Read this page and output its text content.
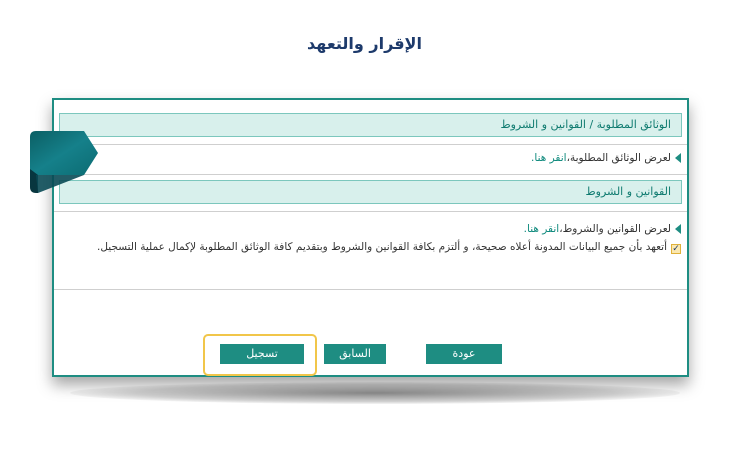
الإقرار والتعهد
الوثائق المطلوبة / القوانين و الشروط
لعرض الوثائق المطلوبة،انقر هنا.
القوانين و الشروط
لعرض القوانين والشروط،انقر هنا.
✓أتعهد بأن جميع البيانات المدونة أعلاه صحيحة، و ألتزم بكافة القوانين والشروط وبتقديم كافة الوثائق المطلوبة لإكمال عملية التسجيل.
عودة
السابق
تسجيل
